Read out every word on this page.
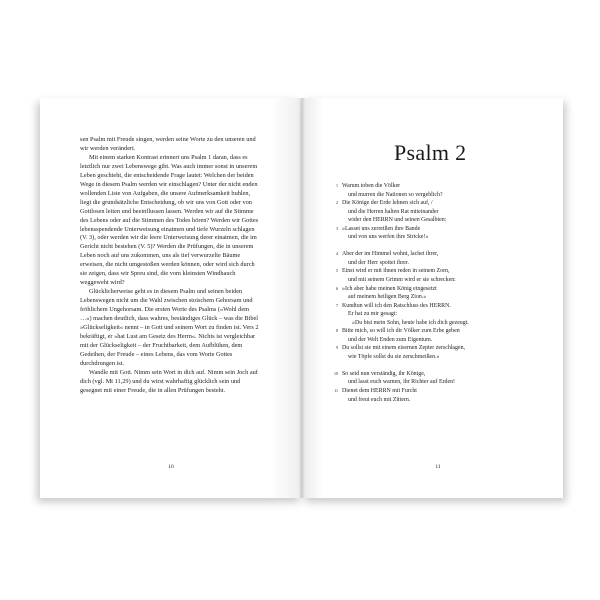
sen Psalm mit Freude singen, werden seine Worte zu den unseren und wir werden verändert.

Mit einem starken Kontrast erinnert uns Psalm 1 daran, dass es letztlich nur zwei Lebenswege gibt. Was auch immer sonst in unserem Leben geschieht, die entscheidende Frage lautet: Welchen der beiden Wege in diesem Psalm werden wir einschlagen? Unter der nicht enden wollenden Liste von Aufgaben, die unsere Aufmerksamkeit buhlen, liegt die grundsätzliche Entscheidung, ob wir uns von Gott oder von Gottlosen leiten und beeinflussen lassen. Werden wir auf die Stimme des Lebens oder auf die Stimmen des Todes hören? Werden wir Gottes lebensspendende Unterweisung einatmen und tiefe Wurzeln schlagen (V. 3), oder werden wir die leere Unterweisung derer einatmen, die im Gericht nicht bestehen (V. 5)? Werden die Prüfungen, die in unserem Leben noch auf uns zukommen, uns als tief verwurzelte Bäume erweisen, die nicht umgestoßen werden können, oder wird sich durch sie zeigen, dass wir Spreu sind, die vom kleinsten Windhauch weggeweht wird?

Glücklicherweise geht es in diesem Psalm und seinen beiden Lebenswegen nicht um die Wahl zwischen stoischem Gehorsam und fröhlichem Ungehorsam. Die ersten Worte des Psalms (»Wohl dem …«) machen deutlich, dass wahres, beständiges Glück – was die Bibel »Glückseligkeit« nennt – in Gott und seinem Wort zu finden ist. Vers 2 bekräftigt, er »hat Lust am Gesetz des Herrn«. Nichts ist vergleichbar mit der Glückseligkeit – der Fruchtbarkeit, dem Aufblühen, dem Gedeihen, der Freude – eines Lebens, das vom Worte Gottes durchdrungen ist.

Wandle mit Gott. Nimm sein Wort in dich auf. Nimm sein Joch auf dich (vgl. Mt 11,29) und du wirst wahrhaftig glücklich sein und gesegnet mit einer Freude, die in allen Prüfungen besteht.

10
Psalm 2
1 Warum toben die Völker
und murren die Nationen so vergeblich?
2 Die Könige der Erde lehnen sich auf, /
und die Herren halten Rat miteinander
wider den HERRN und seinen Gesalbten:
3 »Lasset uns zerreißen ihre Bande
und von uns werfen ihre Stricke!«
4 Aber der im Himmel wohnt, lachet ihrer,
und der Herr spottet ihrer.
5 Einst wird er mit ihnen reden in seinem Zorn,
und mit seinem Grimm wird er sie schrecken:
6 »Ich aber habe meinen König eingesetzt
auf meinem heiligen Berg Zion.«
7 Kundtun will ich den Ratschluss des HERRN.
Er hat zu mir gesagt:
»Du bist mein Sohn, heute habe ich dich gezeugt.
8 Bitte mich, so will ich dir Völker zum Erbe geben
und der Welt Enden zum Eigentum.
9 Du sollst sie mit einem eisernen Zepter zerschlagen,
wie Töpfe sollst du sie zerschmeißen.«
10 So seid nun verständig, ihr Könige,
und lasst euch warnen, ihr Richter auf Erden!
11 Dienet dem HERRN mit Furcht
und freut euch mit Zittern.
11
